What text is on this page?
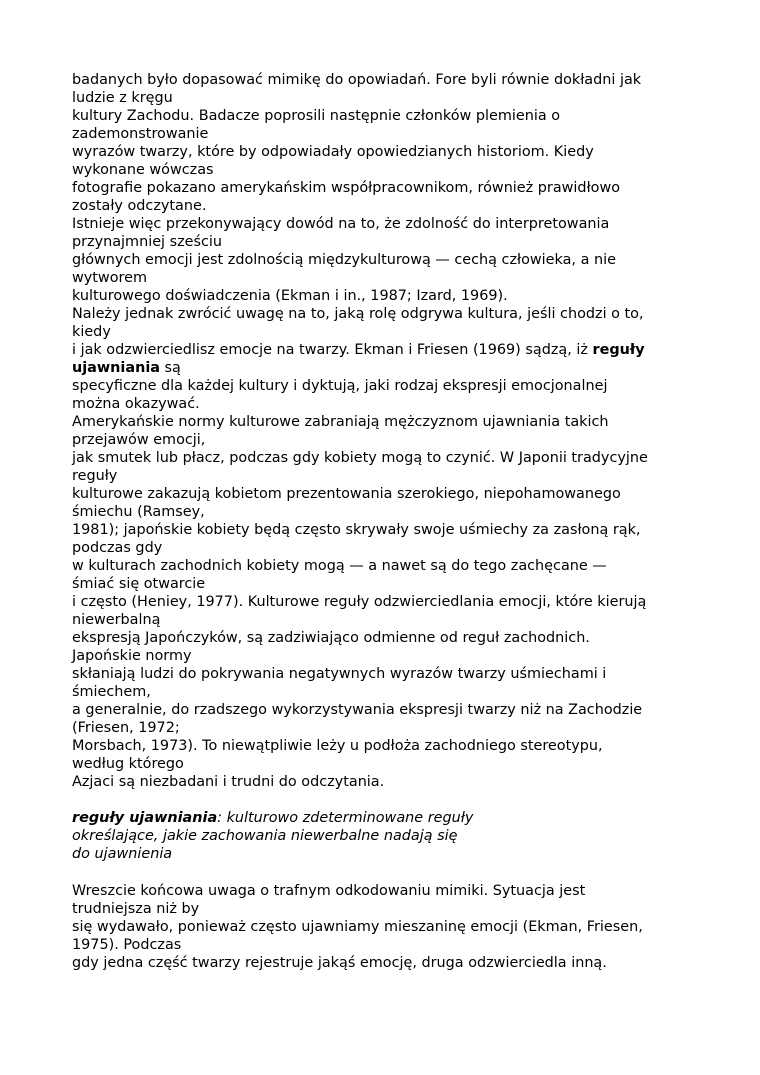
badanych było dopasować mimikę do opowiadań. Fore byli równie dokładni jak
ludzie z kręgu
kultury Zachodu. Badacze poprosili następnie członków plemienia o
zademonstrowanie
wyrazów twarzy, które by odpowiadały opowiedzianych historiom. Kiedy
wykonane wówczas
fotografie pokazano amerykańskim współpracownikom, również prawidłowo
zostały odczytane.
Istnieje więc przekonywający dowód na to, że zdolność do interpretowania
przynajmniej sześciu
głównych emocji jest zdolnością międzykulturową — cechą człowieka, a nie
wytworem
kulturowego doświadczenia (Ekman i in., 1987; Izard, 1969).
Należy jednak zwrócić uwagę na to, jaką rolę odgrywa kultura, jeśli chodzi o to,
kiedy
i jak odzwierciedlisz emocje na twarzy. Ekman i Friesen (1969) sądzą, iż reguły
ujawniania są
specyficzne dla każdej kultury i dyktują, jaki rodzaj ekspresji emocjonalnej
można okazywać.
Amerykańskie normy kulturowe zabraniają mężczyznom ujawniania takich
przejawów emocji,
jak smutek lub płacz, podczas gdy kobiety mogą to czynić. W Japonii tradycyjne
reguły
kulturowe zakazują kobietom prezentowania szerokiego, niepohamowanego
śmiechu (Ramsey,
1981); japońskie kobiety będą często skrywały swoje uśmiechy za zasłoną rąk,
podczas gdy
w kulturach zachodnich kobiety mogą — a nawet są do tego zachęcane —
śmiać się otwarcie
i często (Heniey, 1977). Kulturowe reguły odzwierciedlania emocji, które kierują
niewerbalną
ekspresją Japończyków, są zadziwiająco odmienne od reguł zachodnich.
Japońskie normy
skłaniają ludzi do pokrywania negatywnych wyrazów twarzy uśmiechami i
śmiechem,
a generalnie, do rzadszego wykorzystywania ekspresji twarzy niż na Zachodzie
(Friesen, 1972;
Morsbach, 1973). To niewątpliwie leży u podłoża zachodniego stereotypu,
według którego
Azjaci są niezbadani i trudni do odczytania.
reguły ujawniania: kulturowo zdeterminowane reguły
określające, jakie zachowania niewerbalne nadają się
do ujawnienia
Wreszcie końcowa uwaga o trafnym odkodowaniu mimiki. Sytuacja jest
trudniejsza niż by
się wydawało, ponieważ często ujawniamy mieszaninę emocji (Ekman, Friesen,
1975). Podczas
gdy jedna część twarzy rejestruje jakąś emocję, druga odzwierciedla inną.
